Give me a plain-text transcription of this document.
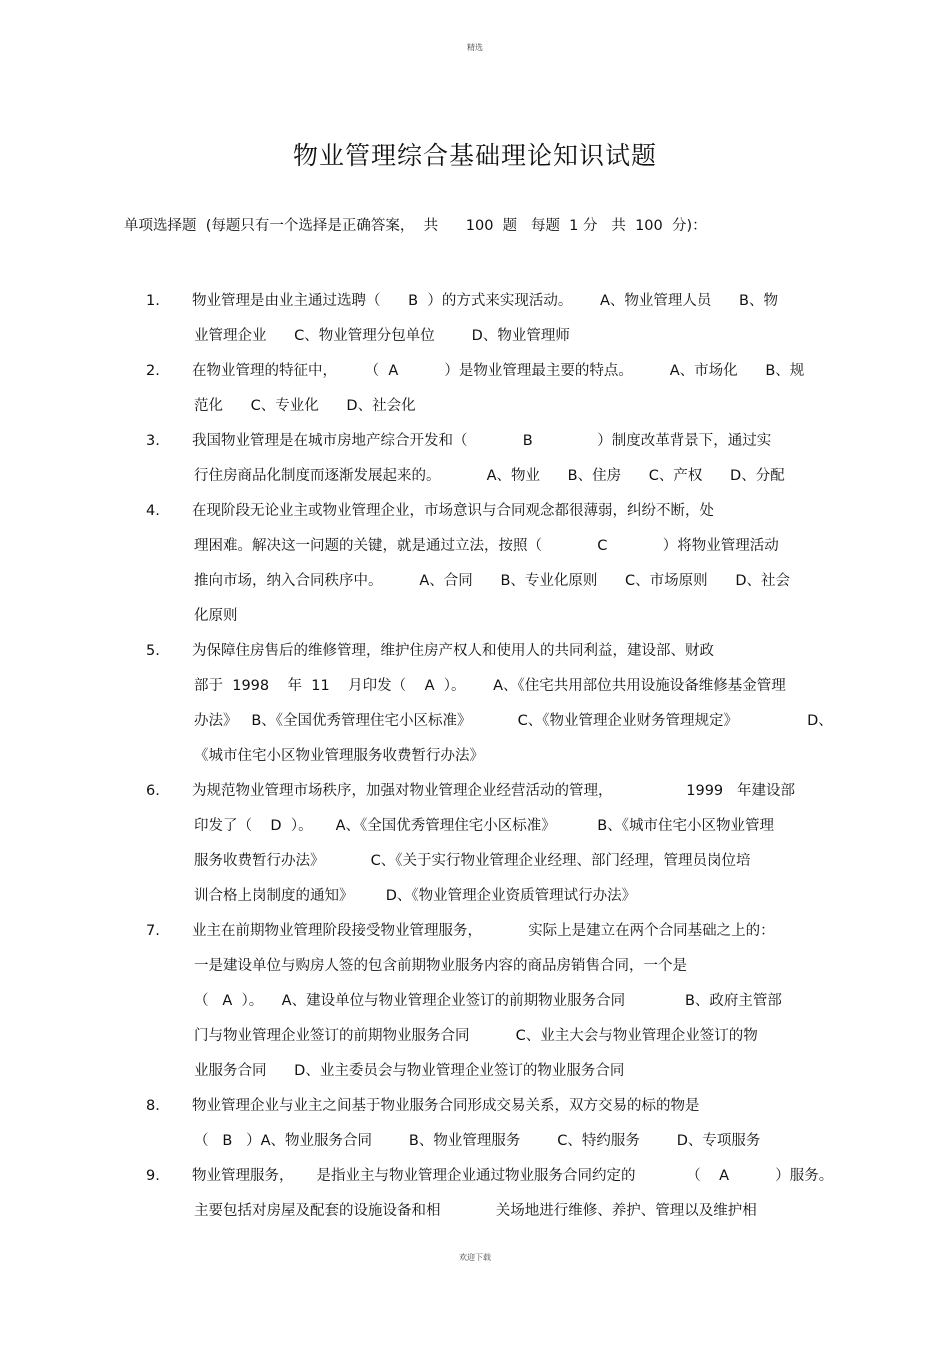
精选
物业管理综合基础理论知识试题
单项选择题  (每题只有一个选择是正确答案，  共      100  题   每题  1 分   共  100  分)：
1.	物业管理是由业主通过选聘（      B  ）的方式来实现活动。      A、物业管理人员      B、物
业管理企业      C、物业管理分包单位        D、物业管理师
2.	在物业管理的特征中，      （  A          ）是物业管理最主要的特点。        A、市场化      B、规
范化      C、专业化      D、社会化
3.	我国物业管理是在城市房地产综合开发和（            B              ）制度改革背景下，通过实
行住房商品化制度而逐渐发展起来的。          A、物业      B、住房      C、产权      D、分配
4.	在现阶段无论业主或物业管理企业，市场意识与合同观念都很薄弱，纠纷不断，处
理困难。解决这一问题的关键，就是通过立法，按照（            C            ）将物业管理活动
推向市场，纳入合同秩序中。        A、合同      B、专业化原则      C、市场原则      D、社会
化原则
5.	为保障住房售后的维修管理，维护住房产权人和使用人的共同利益，建设部、财政
部于  1998    年  11    月印发（    A  ）。      A、《住宅共用部位共用设施设备维修基金管理
办法》   B、《全国优秀管理住宅小区标准》          C、《物业管理企业财务管理规定》               D、
《城市住宅小区物业管理服务收费暂行办法》
6.	为规范物业管理市场秩序，加强对物业管理企业经营活动的管理，                1999   年建设部
印发了（    D  ）。     A、《全国优秀管理住宅小区标准》         B、《城市住宅小区物业管理
服务收费暂行办法》          C、《关于实行物业管理企业经理、部门经理，管理员岗位培
训合格上岗制度的通知》       D、《物业管理企业资质管理试行办法》
7.	业主在前期物业管理阶段接受物业管理服务，          实际上是建立在两个合同基础之上的：
一是建设单位与购房人签的包含前期物业服务内容的商品房销售合同，一个是
（   A  ）。    A、建设单位与物业管理企业签订的前期物业服务合同             B、政府主管部
门与物业管理企业签订的前期物业服务合同          C、业主大会与物业管理企业签订的物
业服务合同      D、业主委员会与物业管理企业签订的物业服务合同
8.	物业管理企业与业主之间基于物业服务合同形成交易关系，双方交易的标的物是
（   B   ）A、物业服务合同        B、物业管理服务        C、特约服务        D、专项服务
9.	物业管理服务，     是指业主与物业管理企业通过物业服务合同约定的           （    A          ）服务。
主要包括对房屋及配套的设施设备和相            关场地进行维修、养护、管理以及维护相
欢迎下载
